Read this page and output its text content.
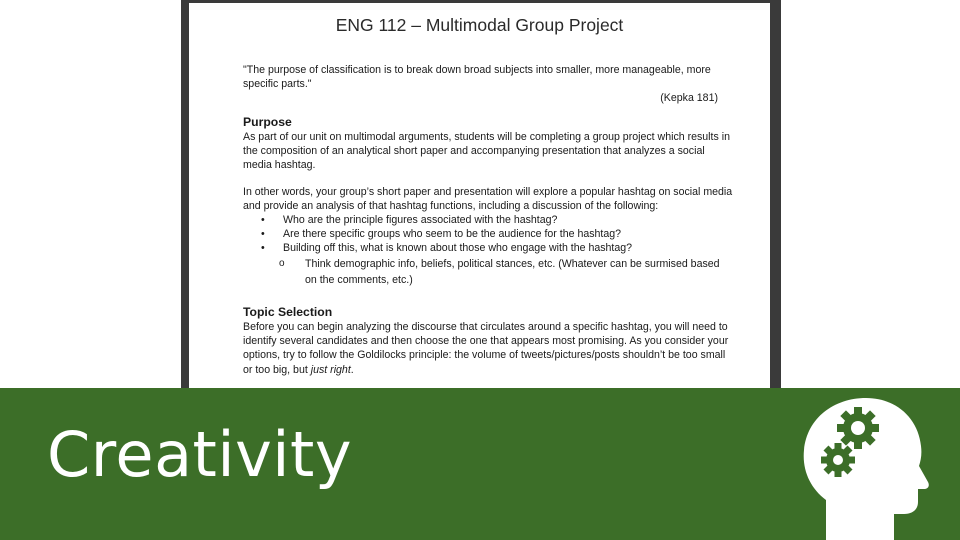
ENG 112 – Multimodal Group Project
"The purpose of classification is to break down broad subjects into smaller, more manageable, more specific parts."
(Kepka 181)
Purpose
As part of our unit on multimodal arguments, students will be completing a group project which results in the composition of an analytical short paper and accompanying presentation that analyzes a social media hashtag.
In other words, your group’s short paper and presentation will explore a popular hashtag on social media and provide an analysis of that hashtag functions, including a discussion of the following:
• Who are the principle figures associated with the hashtag?
• Are there specific groups who seem to be the audience for the hashtag?
• Building off this, what is known about those who engage with the hashtag?
o	Think demographic info, beliefs, political stances, etc. (Whatever can be surmised based on the comments, etc.)
Topic Selection
Before you can begin analyzing the discourse that circulates around a specific hashtag, you will need to identify several candidates and then choose the one that appears most promising. As you consider your options, try to follow the Goldilocks principle: the volume of tweets/pictures/posts shouldn’t be too small or too big, but just right.
Creativity
